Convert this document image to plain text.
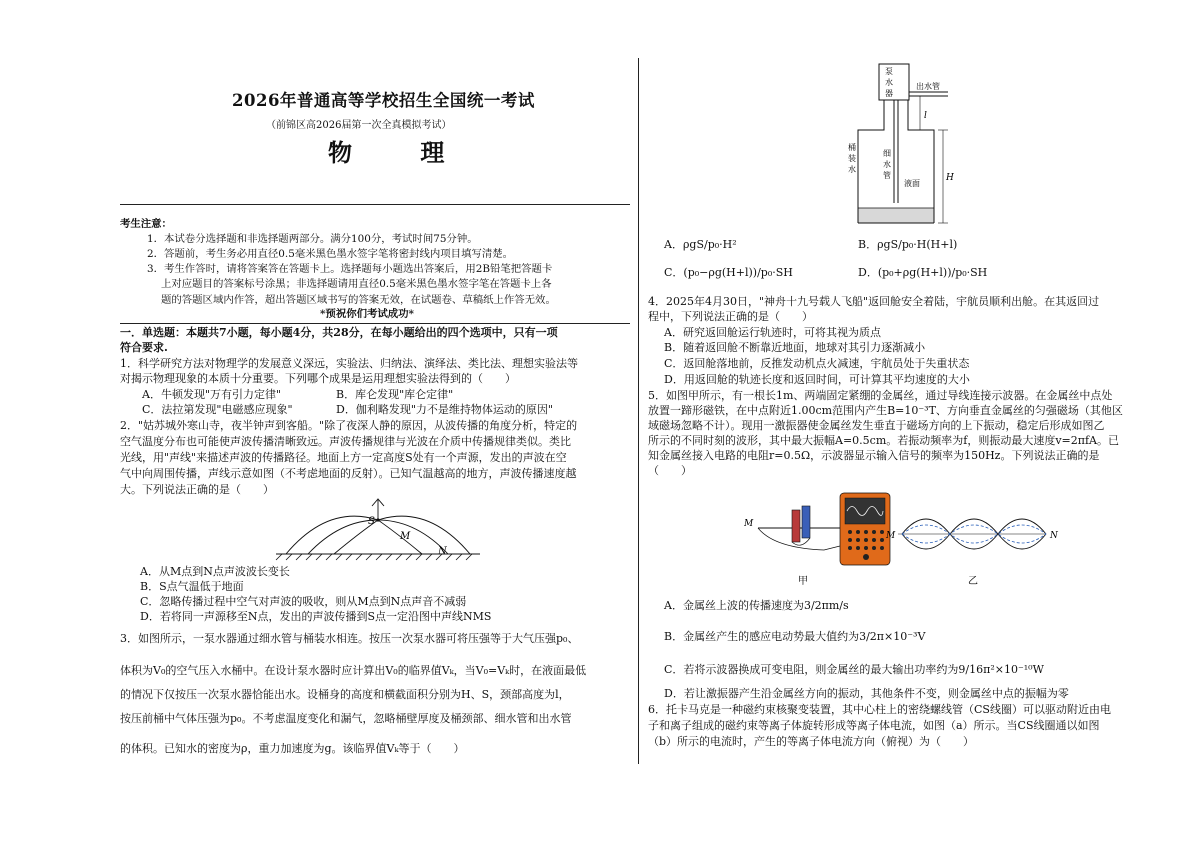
2026年普通高等学校招生全国统一考试
（前锦区高2026届第一次全真模拟考试）
物 理
考生注意：
1．本试卷分选择题和非选择题两部分。满分100分，考试时间75分钟。
2．答题前，考生务必用直径0.5毫米黑色墨水签字笔将密封线内项目填写清楚。
3．考生作答时，请将答案答在答题卡上。选择题每小题选出答案后，用2B铅笔把答题卡
上对应题目的答案标号涂黑；非选择题请用直径0.5毫米黑色墨水签字笔在答题卡上各
题的答题区域内作答，超出答题区域书写的答案无效，在试题卷、草稿纸上作答无效。
*预祝你们考试成功*
一．单选题：本题共7小题，每小题4分，共28分，在每小题给出的四个选项中，只有一项
符合要求.
1．科学研究方法对物理学的发展意义深远，实验法、归纳法、演绎法、类比法、理想实验法等
对揭示物理现象的本质十分重要。下列哪个成果是运用理想实验法得到的（　　）
A．牛顿发现"万有引力定律"	B．库仑发现"库仑定律"
C．法拉第发现"电磁感应现象"	D．伽利略发现"力不是维持物体运动的原因"
2．"姑苏城外寒山寺，夜半钟声到客船。"除了夜深人静的原因，从波传播的角度分析，特定的
空气温度分布也可能使声波传播清晰致远。声波传播规律与光波在介质中传播规律类似。类比
光线，用"声线"来描述声波的传播路径。地面上方一定高度S处有一个声源，发出的声波在空
气中向周围传播，声线示意如图（不考虑地面的反射）。已知气温越高的地方，声波传播速度越
大。下列说法正确的是（　　）
S
M
N
A．从M点到N点声波波长变长
B．S点气温低于地面
C．忽略传播过程中空气对声波的吸收，则从M点到N点声音不减弱
D．若将同一声源移至N点，发出的声波传播到S点一定沿图中声线NMS
3．如图所示，一泵水器通过细水管与桶装水相连。按压一次泵水器可将压强等于大气压强p₀、
体积为V₀的空气压入水桶中。在设计泵水器时应计算出V₀的临界值Vₖ，当V₀=Vₖ时，在液面最低
的情况下仅按压一次泵水器恰能出水。设桶身的高度和横截面积分别为H、S，颈部高度为l，
按压前桶中气体压强为p₀。不考虑温度变化和漏气，忽略桶壁厚度及桶颈部、细水管和出水管
的体积。已知水的密度为ρ，重力加速度为g。该临界值Vₖ等于（　　）
泵
水
器
出水管
液面
桶
装
水
细
水
管
l
H
A．ρgS/p₀·H²	B．ρgS/p₀·H(H+l)
C．(p₀−ρg(H+l))/p₀·SH	D．(p₀+ρg(H+l))/p₀·SH
4．2025年4月30日，"神舟十九号载人飞船"返回舱安全着陆，宇航员顺利出舱。在其返回过
程中，下列说法正确的是（　　）
A．研究返回舱运行轨迹时，可将其视为质点
B．随着返回舱不断靠近地面，地球对其引力逐渐减小
C．返回舱落地前，反推发动机点火减速，宇航员处于失重状态
D．用返回舱的轨迹长度和返回时间，可计算其平均速度的大小
5．如图甲所示，有一根长1m、两端固定紧绷的金属丝，通过导线连接示波器。在金属丝中点处
放置一蹄形磁铁，在中点附近1.00cm范围内产生B=10⁻³T、方向垂直金属丝的匀强磁场（其他区
域磁场忽略不计）。现用一激振器使金属丝发生垂直于磁场方向的上下振动，稳定后形成如图乙
所示的不同时刻的波形，其中最大振幅A=0.5cm。若振动频率为f，则振动最大速度v=2πfA。已
知金属丝接入电路的电阻r=0.5Ω，示波器显示输入信号的频率为150Hz。下列说法正确的是
（　　）
M
甲
M	N
乙
A．金属丝上波的传播速度为3/2πm/s
B．金属丝产生的感应电动势最大值约为3/2π×10⁻³V
C．若将示波器换成可变电阻，则金属丝的最大输出功率约为9/16π²×10⁻¹⁰W
D．若让激振器产生沿金属丝方向的振动，其他条件不变，则金属丝中点的振幅为零
6．托卡马克是一种磁约束核聚变装置，其中心柱上的密绕螺线管（CS线圈）可以驱动附近由电
子和离子组成的磁约束等离子体旋转形成等离子体电流，如图（a）所示。当CS线圈通以如图
（b）所示的电流时，产生的等离子体电流方向（俯视）为（　　）
